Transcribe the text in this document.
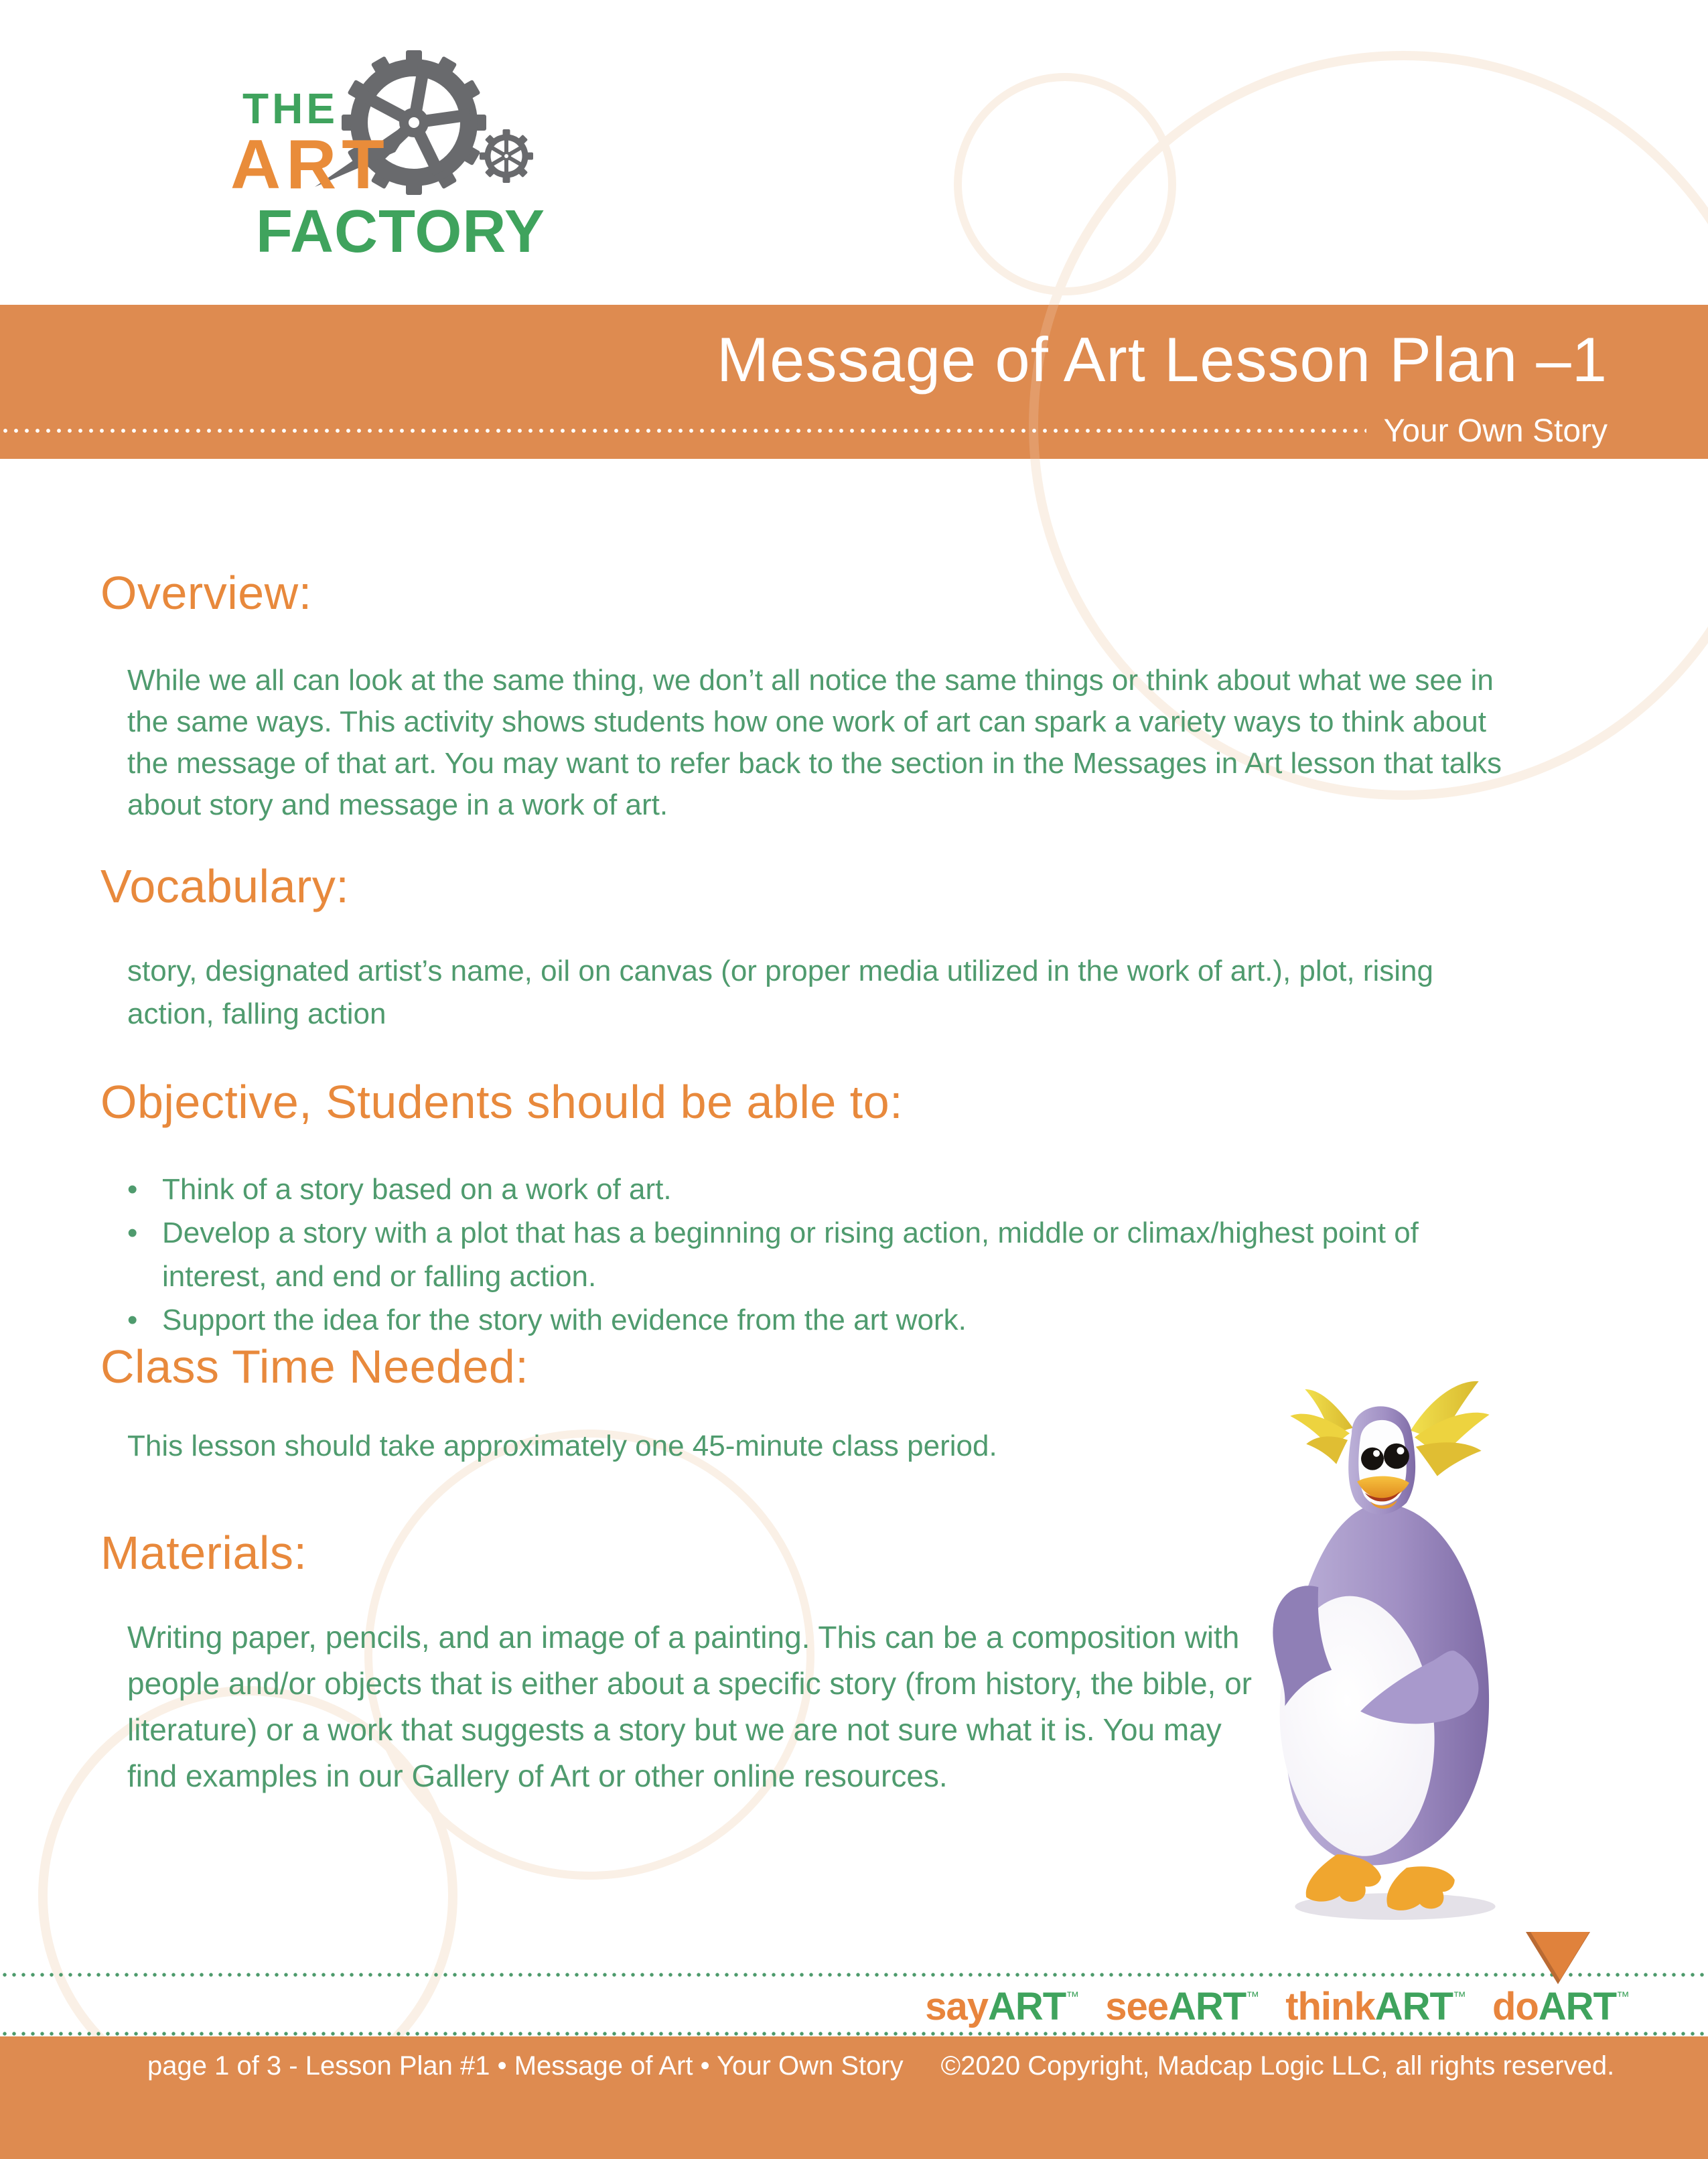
THE
ART
FACTORY
Message of Art Lesson Plan –1
Your Own Story
Overview:
While we all can look at the same thing, we don’t all notice the same things or think about what we see in
the same ways. This activity shows students how one work of art can spark a variety ways to think about
the message of that art. You may want to refer back to the section in the Messages in Art lesson that talks
about story and message in a work of art.
Vocabulary:
story, designated artist’s name, oil on canvas (or proper media utilized in the work of art.), plot, rising
action, falling action
Objective, Students should be able to:
• Think of a story based on a work of art.
• Develop a story with a plot that has a beginning or rising action, middle or climax/highest point of
interest, and end or falling action.
• Support the idea for the story with evidence from the art work.
Class Time Needed:
This lesson should take approximately one 45-minute class period.
Materials:
Writing paper, pencils, and an image of a painting. This can be a composition with
people and/or objects that is either about a specific story (from history, the bible, or
literature) or a work that suggests a story but we are not sure what it is. You may
find examples in our Gallery of Art or other online resources.
sayART™ seeART™ thinkART™ doART™
page 1 of 3 - Lesson Plan #1 • Message of Art • Your Own Story ©2020 Copyright, Madcap Logic LLC, all rights reserved.
